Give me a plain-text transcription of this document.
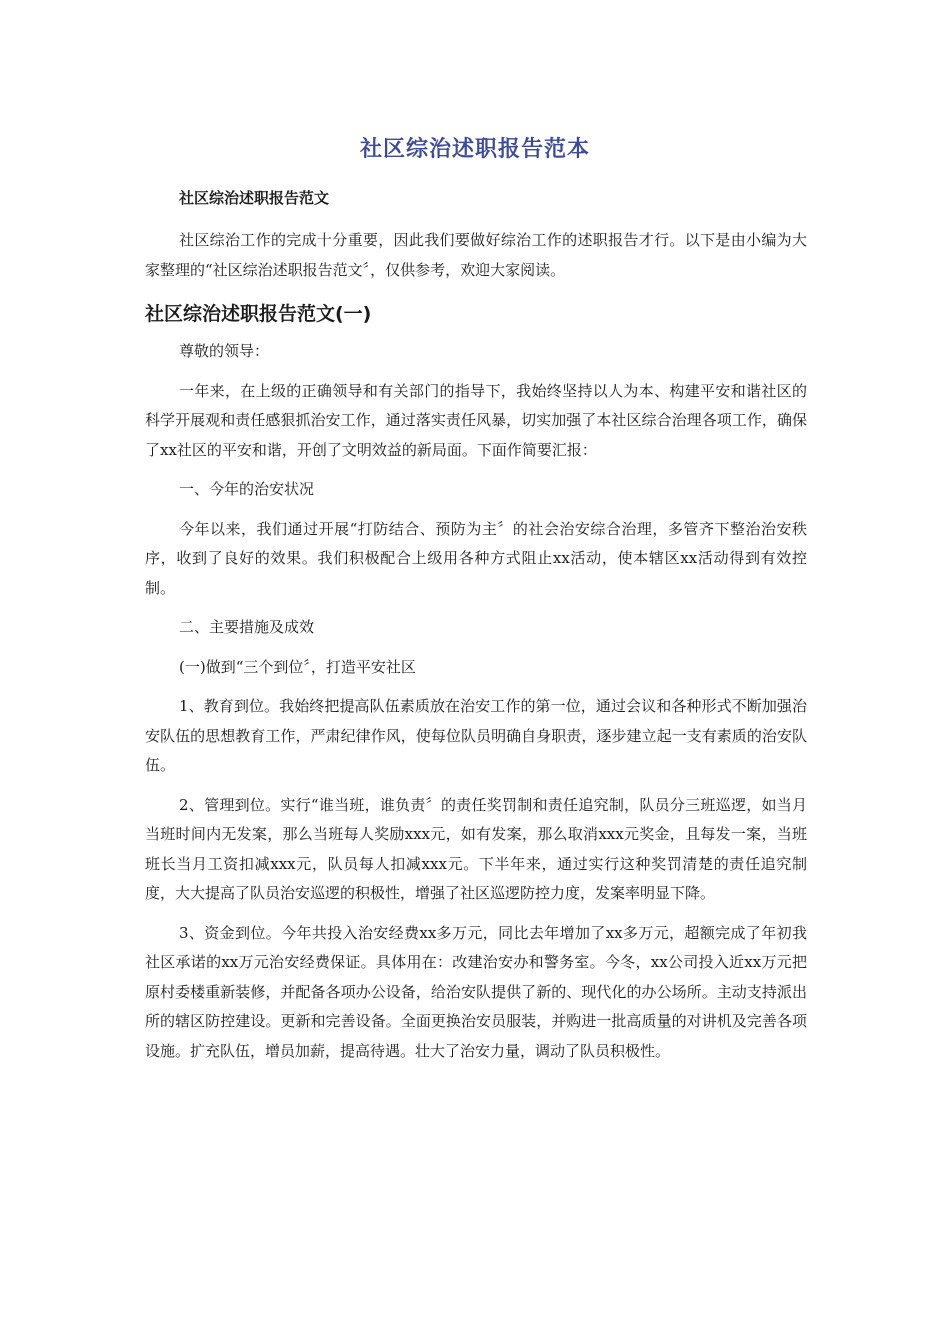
社区综治述职报告范本

社区综治述职报告范文

社区综治工作的完成十分重要，因此我们要做好综治工作的述职报告才行。以下是由小编为大家整理的“社区综治述职报告范文〞，仅供参考，欢迎大家阅读。

社区综治述职报告范文(一)

尊敬的领导：

一年来，在上级的正确领导和有关部门的指导下，我始终坚持以人为本、构建平安和谐社区的科学开展观和责任感狠抓治安工作，通过落实责任风暴，切实加强了本社区综合治理各项工作，确保了xx社区的平安和谐，开创了文明效益的新局面。下面作简要汇报：

一、今年的治安状况

今年以来，我们通过开展“打防结合、预防为主〞的社会治安综合治理，多管齐下整治治安秩序，收到了良好的效果。我们积极配合上级用各种方式阻止xx活动，使本辖区xx活动得到有效控制。

二、主要措施及成效

(一)做到“三个到位〞，打造平安社区

1、教育到位。我始终把提高队伍素质放在治安工作的第一位，通过会议和各种形式不断加强治安队伍的思想教育工作，严肃纪律作风，使每位队员明确自身职责，逐步建立起一支有素质的治安队伍。

2、管理到位。实行“谁当班，谁负责〞的责任奖罚制和责任追究制，队员分三班巡逻，如当月当班时间内无发案，那么当班每人奖励xxx元，如有发案，那么取消xxx元奖金，且每发一案，当班班长当月工资扣减xxx元，队员每人扣减xxx元。下半年来，通过实行这种奖罚清楚的责任追究制度，大大提高了队员治安巡逻的积极性，增强了社区巡逻防控力度，发案率明显下降。

3、资金到位。今年共投入治安经费xx多万元，同比去年增加了xx多万元，超额完成了年初我社区承诺的xx万元治安经费保证。具体用在：改建治安办和警务室。今冬，xx公司投入近xx万元把原村委楼重新装修，并配备各项办公设备，给治安队提供了新的、现代化的办公场所。主动支持派出所的辖区防控建设。更新和完善设备。全面更换治安员服装，并购进一批高质量的对讲机及完善各项设施。扩充队伍，增员加薪，提高待遇。壮大了治安力量，调动了队员积极性。
